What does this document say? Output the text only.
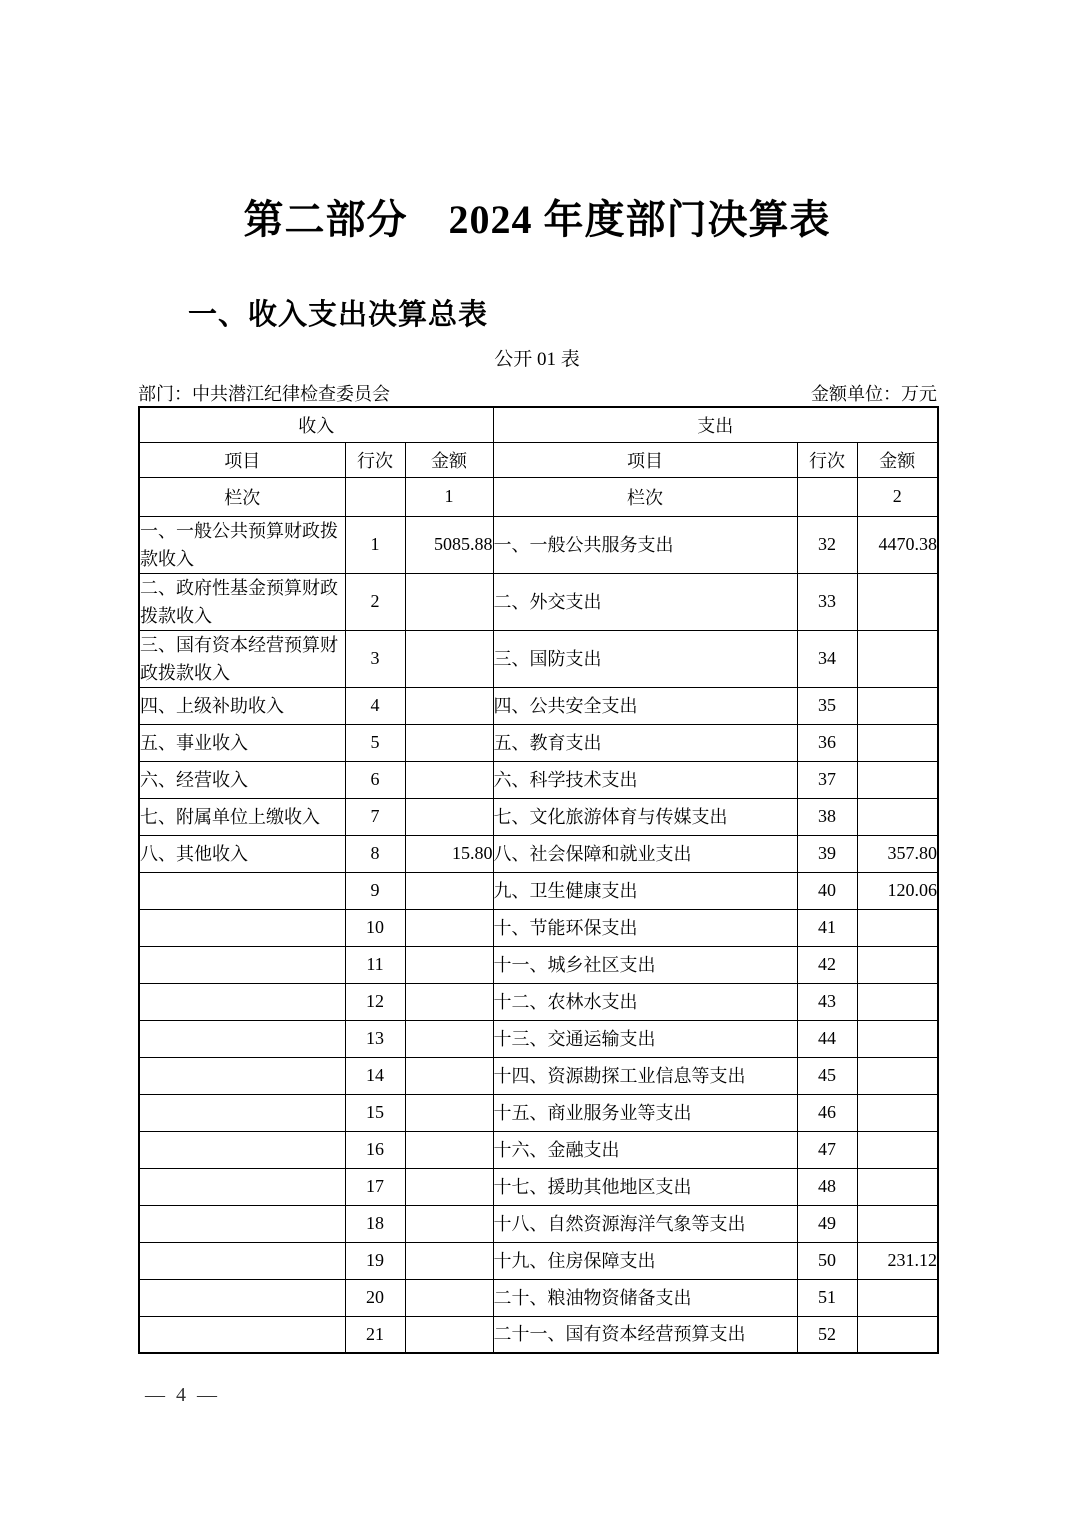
第二部分　2024 年度部门决算表
一、收入支出决算总表
公开 01 表
部门：中共潜江纪律检查委员会	金额单位：万元
收入			支出		
项目	行次	金额	项目	行次	金额
栏次		1	栏次		2
一、一般公共预算财政拨款收入	1	5085.88	一、一般公共服务支出	32	4470.38
二、政府性基金预算财政拨款收入	2		二、外交支出	33	
三、国有资本经营预算财政拨款收入	3		三、国防支出	34	
四、上级补助收入	4		四、公共安全支出	35	
五、事业收入	5		五、教育支出	36	
六、经营收入	6		六、科学技术支出	37	
七、附属单位上缴收入	7		七、文化旅游体育与传媒支出	38	
八、其他收入	8	15.80	八、社会保障和就业支出	39	357.80
	9		九、卫生健康支出	40	120.06
	10		十、节能环保支出	41	
	11		十一、城乡社区支出	42	
	12		十二、农林水支出	43	
	13		十三、交通运输支出	44	
	14		十四、资源勘探工业信息等支出	45	
	15		十五、商业服务业等支出	46	
	16		十六、金融支出	47	
	17		十七、援助其他地区支出	48	
	18		十八、自然资源海洋气象等支出	49	
	19		十九、住房保障支出	50	231.12
	20		二十、粮油物资储备支出	51	
	21		二十一、国有资本经营预算支出	52	
— 4 —
